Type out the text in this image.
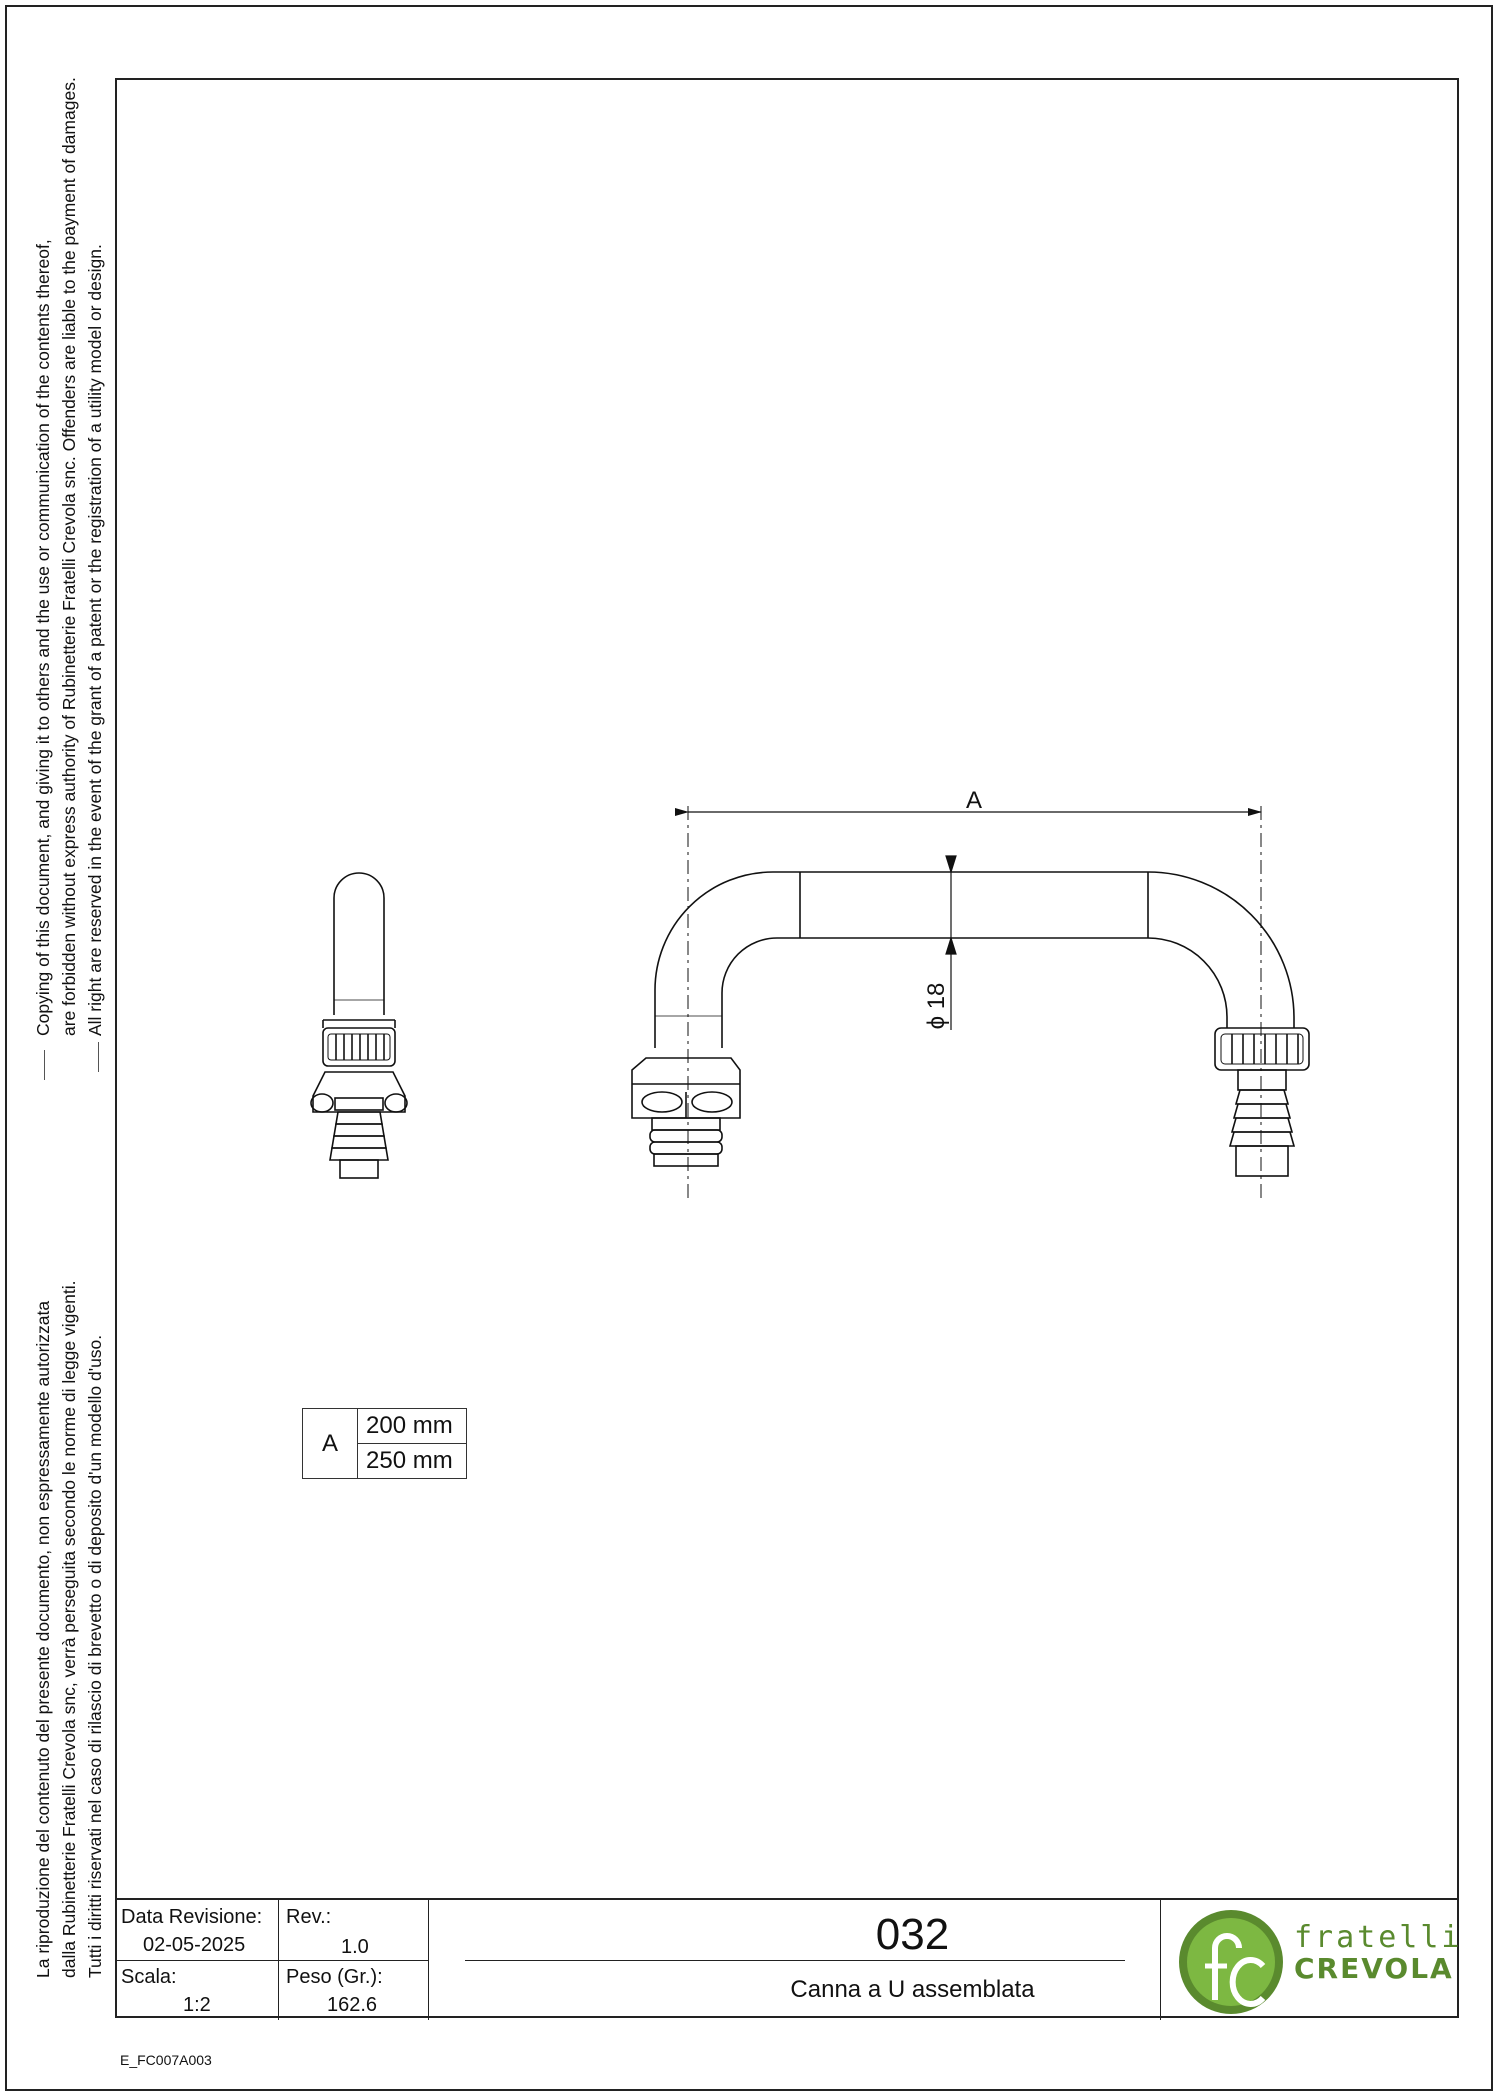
Copying of this document, and giving it to others and the use or communication of the contents thereof, are forbidden without express authority of Rubinetterie Fratelli Crevola snc. Offenders are liable to the payment of damages. All right are reserved in the event of the grant of a patent or the registration of a utility model or design.
La riproduzione del contenuto del presente documento, non espressamente autorizzata dalla Rubinetterie Fratelli Crevola snc, verrà perseguita secondo le norme di legge vigenti. Tutti i diritti riservati nel caso di rilascio di brevetto o di deposito d'un modello d'uso.
A
ϕ 18
A	200 mm
250 mm
Data Revisione:
02-05-2025
Rev.:
1.0
Scala:
1:2
Peso (Gr.):
162.6
032
Canna a U assemblata
fratelli
CREVOLA
E_FC007A003
